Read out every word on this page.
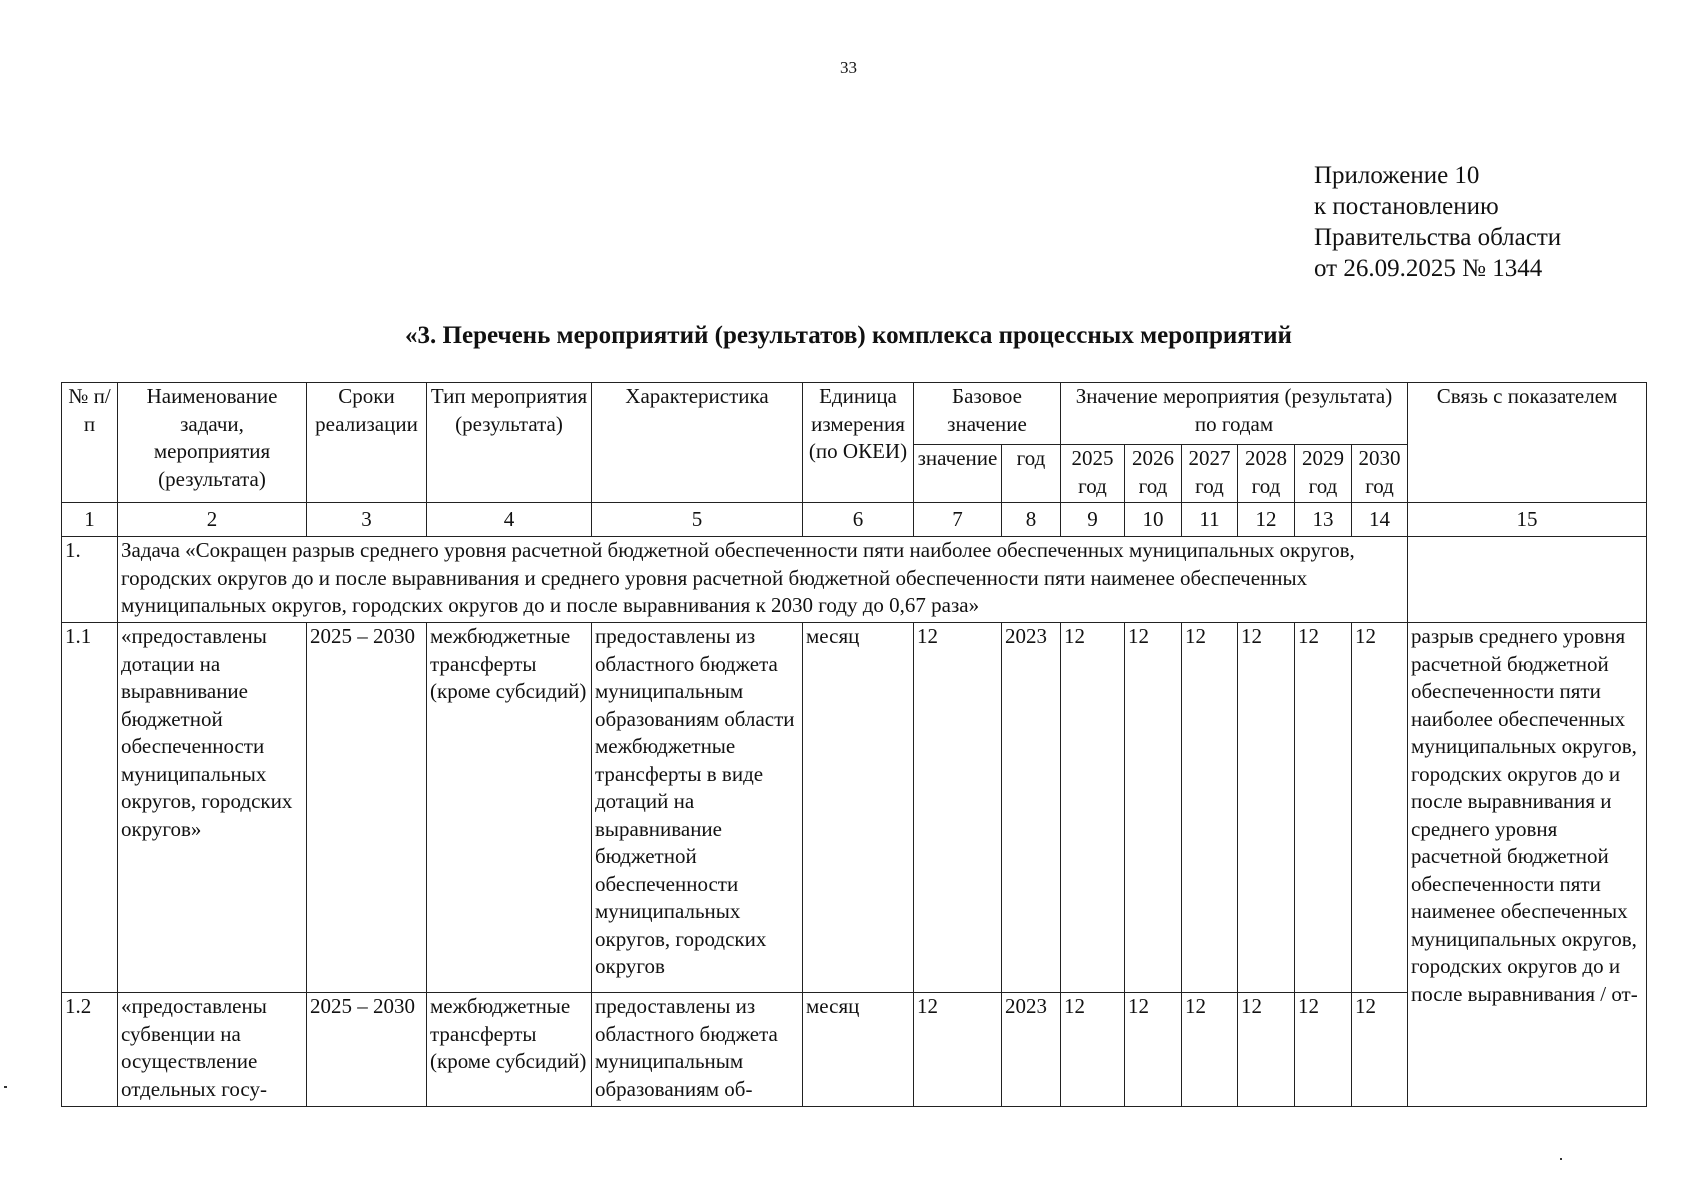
33
Приложение 10
к постановлению
Правительства области
от 26.09.2025 № 1344
«3. Перечень мероприятий (результатов) комплекса процессных мероприятий
№ п/п	Наименование задачи, мероприятия (результата)	Сроки реализации	Тип мероприятия (результата)	Характеристика	Единица измерения (по ОКЕИ)	Базовое значение		Значение мероприятия (результата) по годам						Связь с показателем
						значение	год	2025 год	2026 год	2027 год	2028 год	2029 год	2030 год	
1	2	3	4	5	6	7	8	9	10	11	12	13	14	15
1.	Задача «Сокращен разрыв среднего уровня расчетной бюджетной обеспеченности пяти наиболее обеспеченных муниципальных округов, городских округов до и после выравнивания и среднего уровня расчетной бюджетной обеспеченности пяти наименее обеспеченных муниципальных округов, городских округов до и после выравнивания к 2030 году до 0,67 раза»													
1.1	«предоставлены дотации на выравнивание бюджетной обеспеченности муниципальных округов, городских округов»	2025 – 2030	межбюджетные трансферты (кроме субсидий)	предоставлены из областного бюджета муниципальным образованиям области межбюджетные трансферты в виде дотаций на выравнивание бюджетной обеспеченности муниципальных округов, городских округов	месяц	12	2023	12	12	12	12	12	12	разрыв среднего уровня расчетной бюджетной обеспеченности пяти наиболее обеспеченных муниципальных округов, городских округов до и после выравнивания и среднего уровня расчетной бюджетной обеспеченности пяти наименее обеспеченных муниципальных округов, городских округов до и после выравнивания / от-
1.2	«предоставлены субвенции на осуществление отдельных госу-	2025 – 2030	межбюджетные трансферты (кроме субсидий)	предоставлены из областного бюджета муниципальным образованиям об-	месяц	12	2023	12	12	12	12	12	12	
